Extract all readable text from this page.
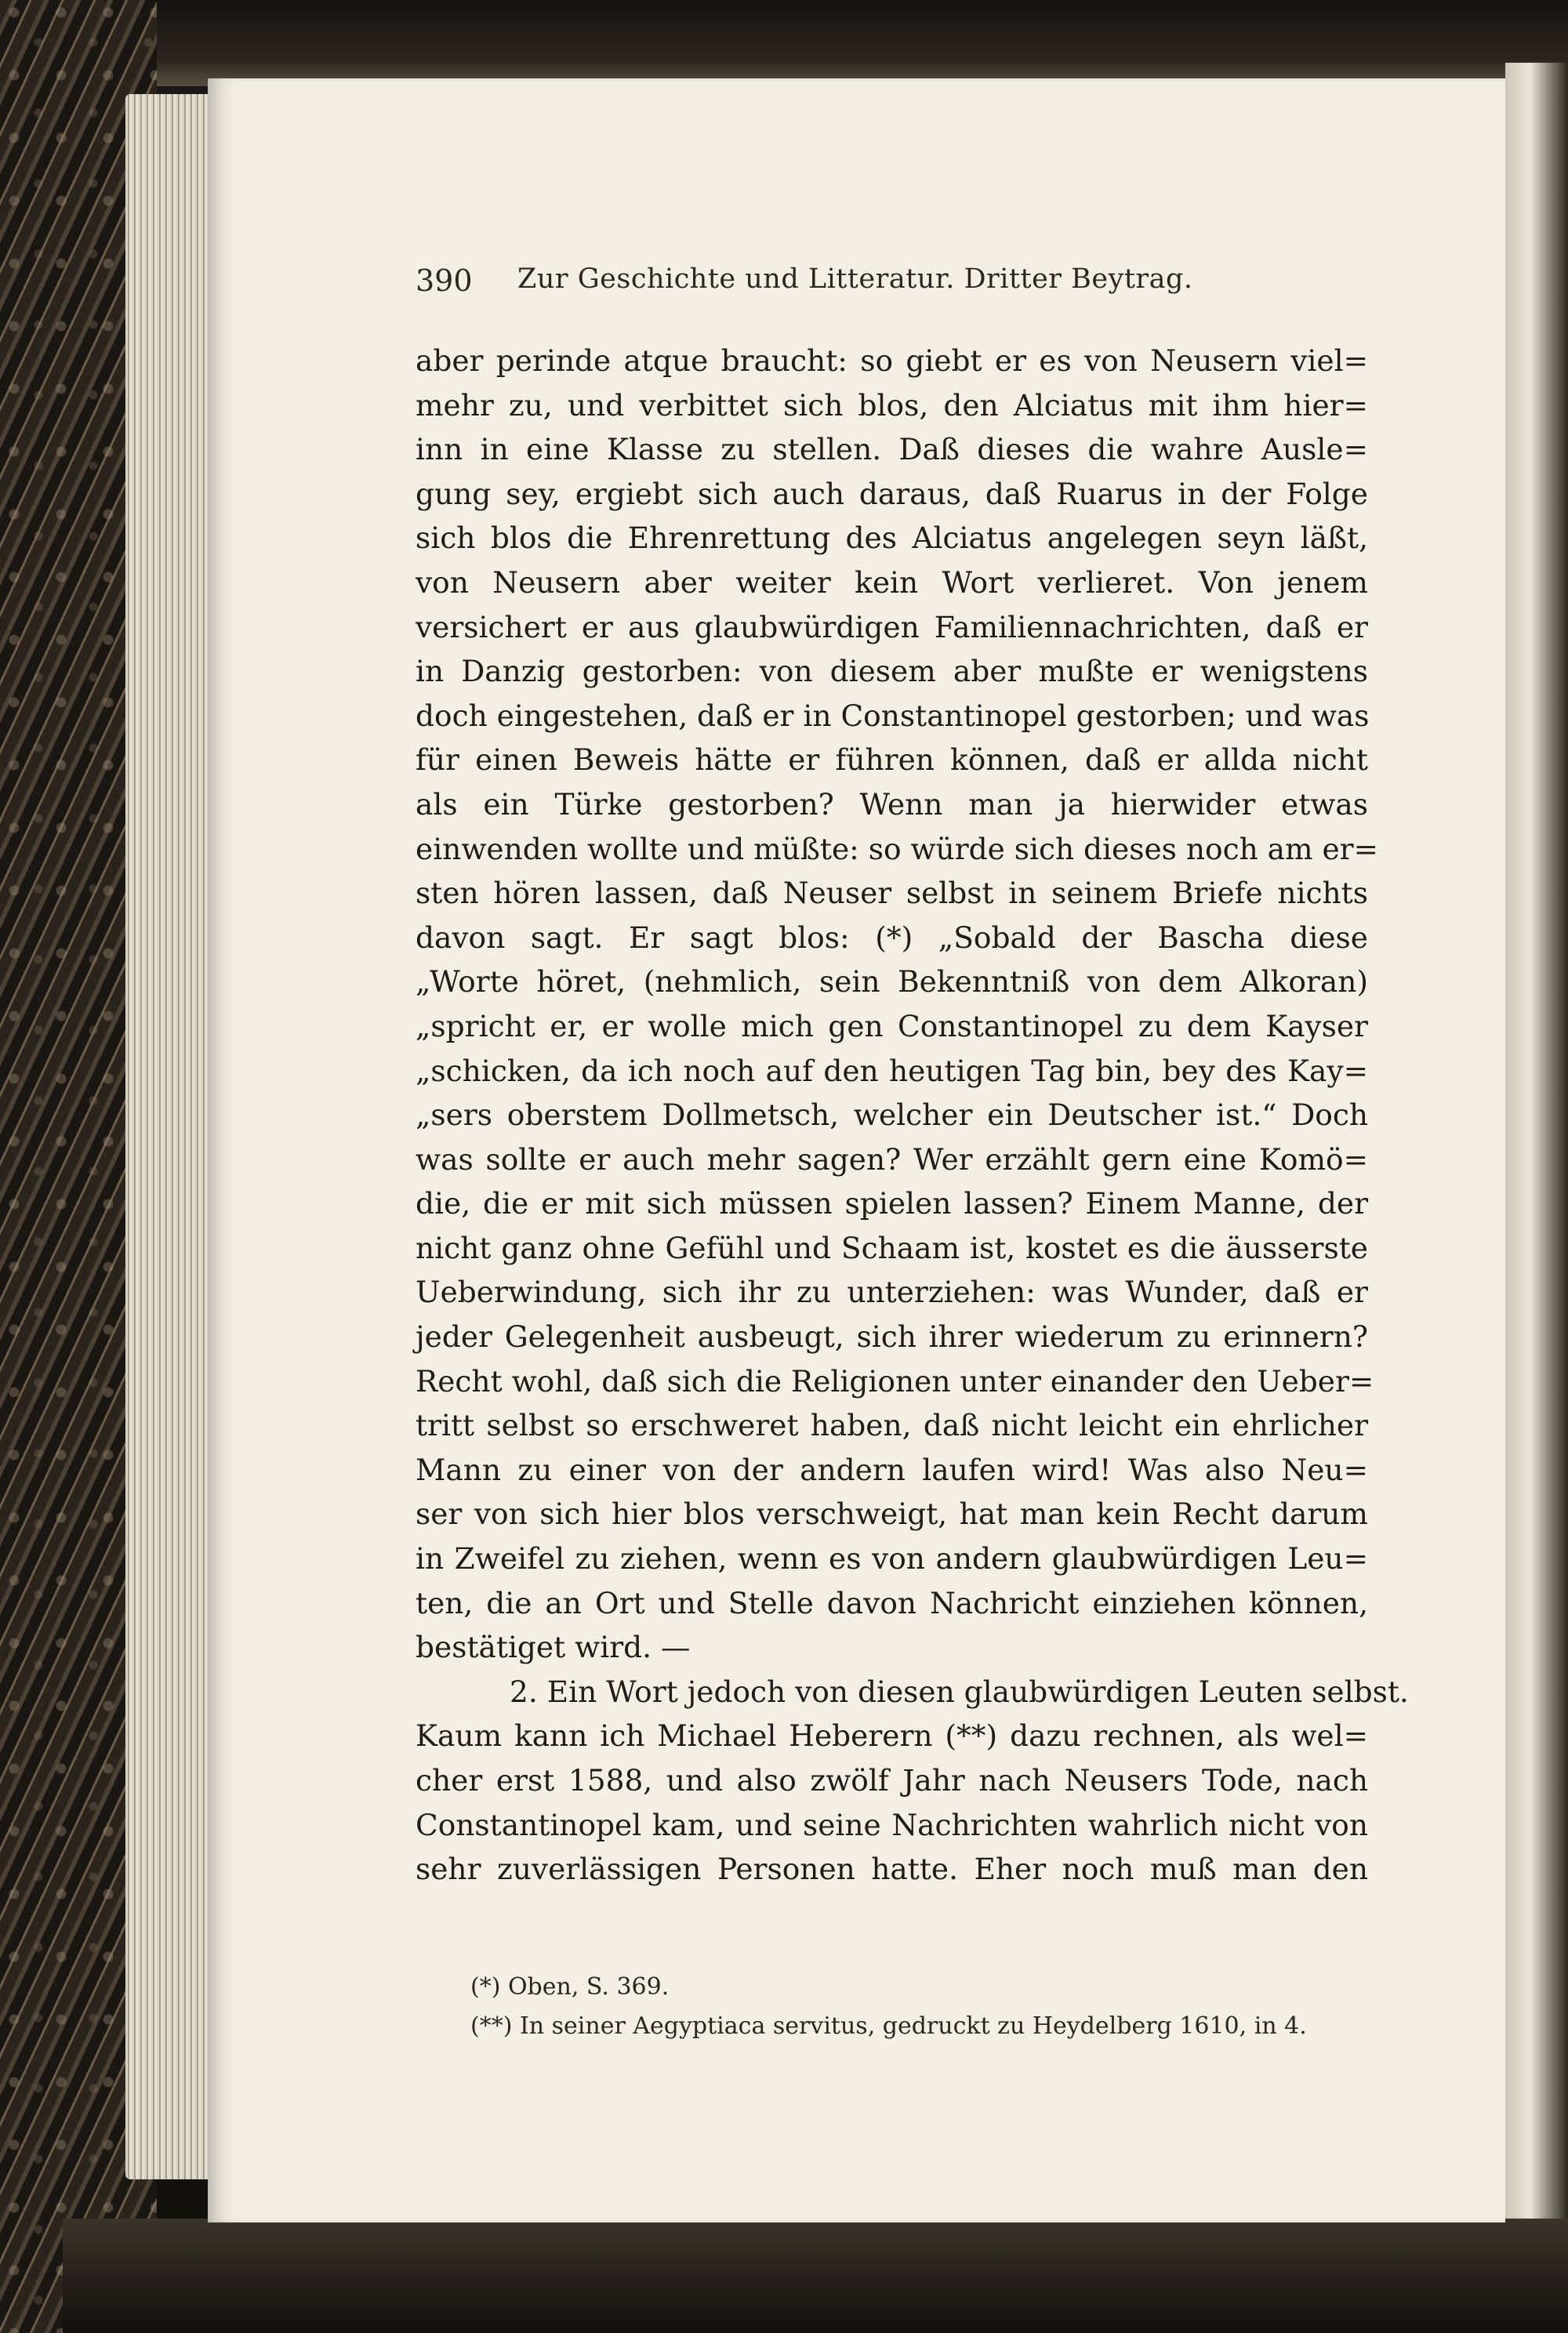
390 Zur Geschichte und Litteratur. Dritter Beytrag.
aber perinde atque braucht: so giebt er es von Neusern viel=
mehr zu, und verbittet sich blos, den Alciatus mit ihm hier=
inn in eine Klasse zu stellen. Daß dieses die wahre Ausle=
gung sey, ergiebt sich auch daraus, daß Ruarus in der Folge
sich blos die Ehrenrettung des Alciatus angelegen seyn läßt,
von Neusern aber weiter kein Wort verlieret. Von jenem
versichert er aus glaubwürdigen Familiennachrichten, daß er
in Danzig gestorben: von diesem aber mußte er wenigstens
doch eingestehen, daß er in Constantinopel gestorben; und was
für einen Beweis hätte er führen können, daß er allda nicht
als ein Türke gestorben? Wenn man ja hierwider etwas
einwenden wollte und müßte: so würde sich dieses noch am er=
sten hören lassen, daß Neuser selbst in seinem Briefe nichts
davon sagt. Er sagt blos: (*) „Sobald der Bascha diese
„Worte höret, (nehmlich, sein Bekenntniß von dem Alkoran)
„spricht er, er wolle mich gen Constantinopel zu dem Kayser
„schicken, da ich noch auf den heutigen Tag bin, bey des Kay=
„sers oberstem Dollmetsch, welcher ein Deutscher ist.“ Doch
was sollte er auch mehr sagen? Wer erzählt gern eine Komö=
die, die er mit sich müssen spielen lassen? Einem Manne, der
nicht ganz ohne Gefühl und Schaam ist, kostet es die äusserste
Ueberwindung, sich ihr zu unterziehen: was Wunder, daß er
jeder Gelegenheit ausbeugt, sich ihrer wiederum zu erinnern?
Recht wohl, daß sich die Religionen unter einander den Ueber=
tritt selbst so erschweret haben, daß nicht leicht ein ehrlicher
Mann zu einer von der andern laufen wird! Was also Neu=
ser von sich hier blos verschweigt, hat man kein Recht darum
in Zweifel zu ziehen, wenn es von andern glaubwürdigen Leu=
ten, die an Ort und Stelle davon Nachricht einziehen können,
bestätiget wird. —
2. Ein Wort jedoch von diesen glaubwürdigen Leuten selbst.
Kaum kann ich Michael Heberern (**) dazu rechnen, als wel=
cher erst 1588, und also zwölf Jahr nach Neusers Tode, nach
Constantinopel kam, und seine Nachrichten wahrlich nicht von
sehr zuverlässigen Personen hatte. Eher noch muß man den
(*) Oben, S. 369.
(**) In seiner Aegyptiaca servitus, gedruckt zu Heydelberg 1610, in 4.
